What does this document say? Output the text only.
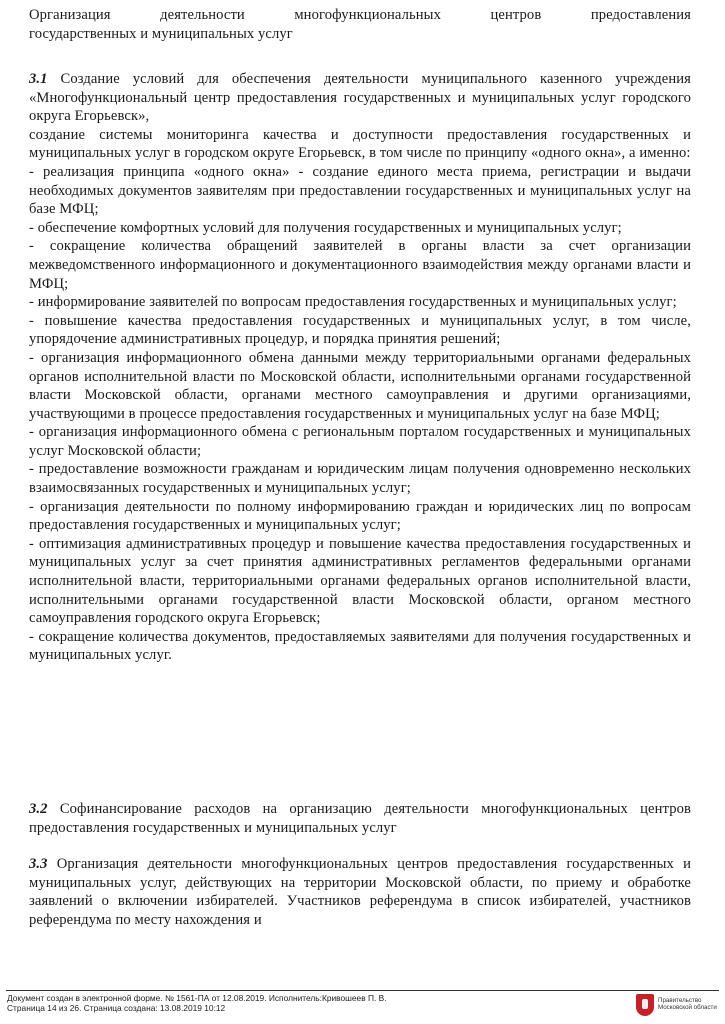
Организация деятельности многофункциональных центров предоставления

государственных и муниципальных услуг

3.1 Создание условий для обеспечения деятельности муниципального казенного учреждения «Многофункциональный центр предоставления государственных и муниципальных услуг городского округа Егорьевск»,

создание системы мониторинга качества и доступности предоставления государственных и муниципальных услуг в городском округе Егорьевск, в том числе по принципу «одного окна», а именно:

- реализация принципа «одного окна» - создание единого места приема, регистрации и выдачи необходимых документов заявителям при предоставлении государственных и муниципальных услуг на базе МФЦ;

- обеспечение комфортных условий для получения государственных и муниципальных услуг;

- сокращение количества обращений заявителей в органы власти за счет организации межведомственного информационного и документационного взаимодействия между органами власти и МФЦ;

- информирование заявителей по вопросам предоставления государственных и муниципальных услуг;

- повышение качества предоставления государственных и муниципальных услуг, в том числе, упорядочение административных процедур, и порядка принятия решений;

- организация информационного обмена данными между территориальными органами федеральных органов исполнительной власти по Московской области, исполнительными органами государственной власти Московской области, органами местного самоуправления и другими организациями, участвующими в процессе предоставления государственных и муниципальных услуг на базе МФЦ;

- организация информационного обмена с региональным порталом государственных и муниципальных услуг Московской области;

- предоставление возможности гражданам и юридическим лицам получения одновременно нескольких взаимосвязанных государственных и муниципальных услуг;

- организация деятельности по полному информированию граждан и юридических лиц по вопросам предоставления государственных и муниципальных услуг;

- оптимизация административных процедур и повышение качества предоставления государственных и муниципальных услуг за счет принятия административных регламентов федеральными органами исполнительной власти, территориальными органами федеральных органов исполнительной власти, исполнительными органами государственной власти Московской области, органом местного самоуправления городского округа Егорьевск;

- сокращение количества документов, предоставляемых заявителями для получения государственных и муниципальных услуг.

3.2 Софинансирование расходов на организацию деятельности многофункциональных центров предоставления государственных и муниципальных услуг

3.3 Организация деятельности многофункциональных центров предоставления государственных и муниципальных услуг, действующих на территории Московской области, по приему и обработке заявлений о включении избирателей. Участников референдума в список избирателей, участников референдума по месту нахождения и

Документ создан в электронной форме. № 1561-ПА от 12.08.2019. Исполнитель:Кривошеев П. В.
Страница 14 из 26. Страница создана: 13.08.2019 10:12
Правительство
Московской области
